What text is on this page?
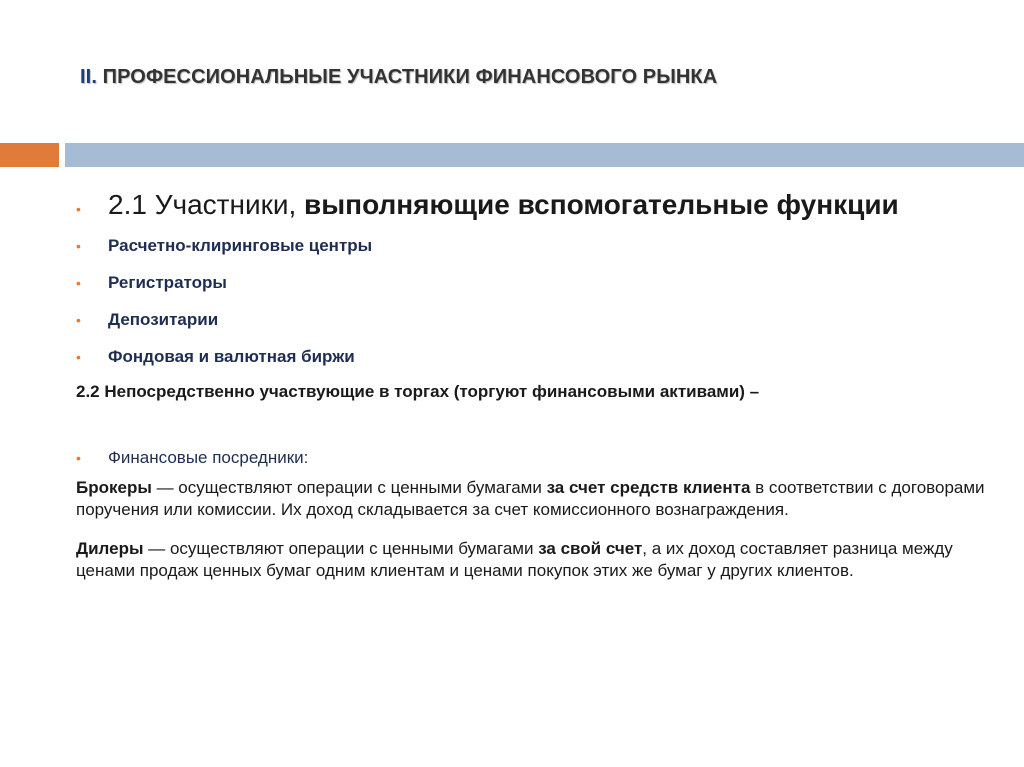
II. ПРОФЕССИОНАЛЬНЫЕ УЧАСТНИКИ ФИНАНСОВОГО РЫНКА
• 2.1 Участники, выполняющие вспомогательные функции
•	Расчетно-клиринговые центры
•	Регистраторы
•	Депозитарии
•	Фондовая и валютная биржи
2.2 Непосредственно участвующие в торгах (торгуют финансовыми активами) –
•	Финансовые посредники:

Брокеры — осуществляют операции с ценными бумагами за счет средств клиента в соответствии с договорами поручения или комиссии. Их доход складывается за счет комиссионного вознаграждения.

Дилеры — осуществляют операции с ценными бумагами за свой счет, а их доход составляет разница между ценами продаж ценных бумаг одним клиентам и ценами покупок этих же бумаг у других клиентов.
